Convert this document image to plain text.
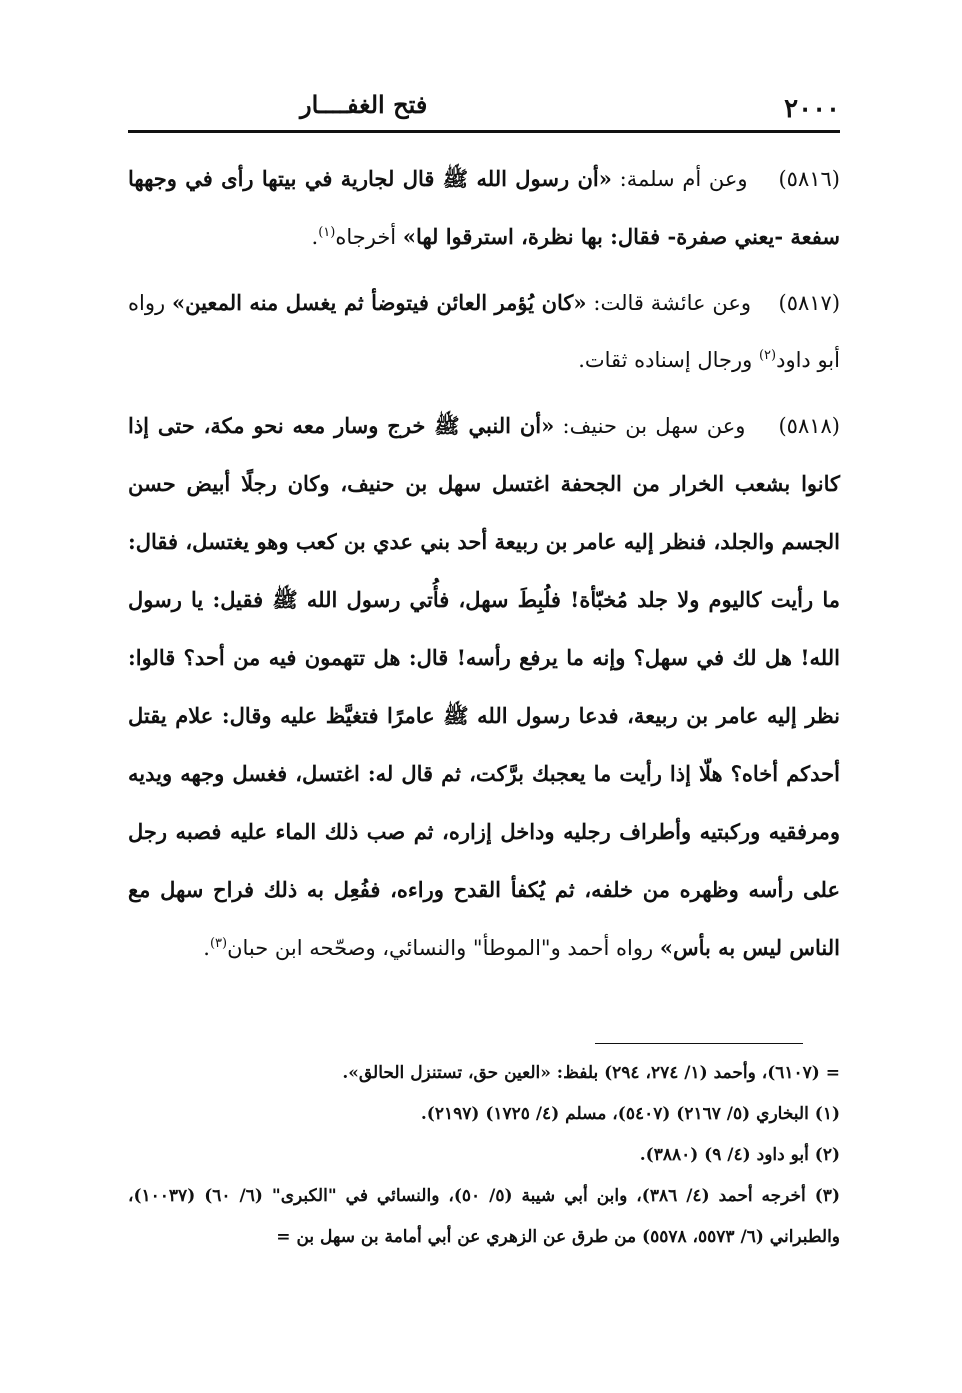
٢٠٠٠
فتح الغفــــار

(٥٨١٦)    وعن أم سلمة: «أن رسول الله ﷺ قال لجارية في بيتها رأى في وجهها سفعة -يعني صفرة- فقال: بها نظرة، استرقوا لها» أخرجاه$^{(١)}$.

(٥٨١٧)    وعن عائشة قالت: «كان يُؤمر العائن فيتوضأ ثم يغسل منه المعين» رواه أبو داود$^{(٢)}$ ورجال إسناده ثقات.

(٥٨١٨)    وعن سهل بن حنيف: «أن النبي ﷺ خرج وسار معه نحو مكة، حتى إذا كانوا بشعب الخرار من الجحفة اغتسل سهل بن حنيف، وكان رجلًا أبيض حسن الجسم والجلد، فنظر إليه عامر بن ربيعة أحد بني عدي بن كعب وهو يغتسل، فقال: ما رأيت كاليوم ولا جلد مُخبّأة! فلُبِطَ سهل، فأُتي رسول الله ﷺ فقيل: يا رسول الله! هل لك في سهل؟ وإنه ما يرفع رأسه! قال: هل تتهمون فيه من أحد؟ قالوا: نظر إليه عامر بن ربيعة، فدعا رسول الله ﷺ عامرًا فتغيَّظ عليه وقال: علام يقتل أحدكم أخاه؟ هلّا إذا رأيت ما يعجبك برَّكت، ثم قال له: اغتسل، فغسل وجهه ويديه ومرفقيه وركبتيه وأطراف رجليه وداخل إزاره، ثم صب ذلك الماء عليه فصبه رجل على رأسه وظهره من خلفه، ثم يُكفأ القدح وراءه، ففُعِل به ذلك فراح سهل مع الناس ليس به بأس» رواه أحمد و"الموطأ" والنسائي، وصحّحه ابن حبان$^{(٣)}$.

= (٦١٠٧)، وأحمد (١/ ٢٧٤، ٢٩٤) بلفظ: «العين حق، تستنزل الحالق».

(١) البخاري (٥/ ٢١٦٧) (٥٤٠٧)، مسلم (٤/ ١٧٢٥) (٢١٩٧).

(٢) أبو داود (٤/ ٩) (٣٨٨٠).

(٣) أخرجه أحمد (٤/ ٣٨٦)، وابن أبي شيبة (٥/ ٥٠)، والنسائي في "الكبرى" (٦/ ٦٠) (١٠٠٣٧)، والطبراني (٦/ ٥٥٧٣، ٥٥٧٨) من طرق عن الزهري عن أبي أمامة بن سهل بن =
